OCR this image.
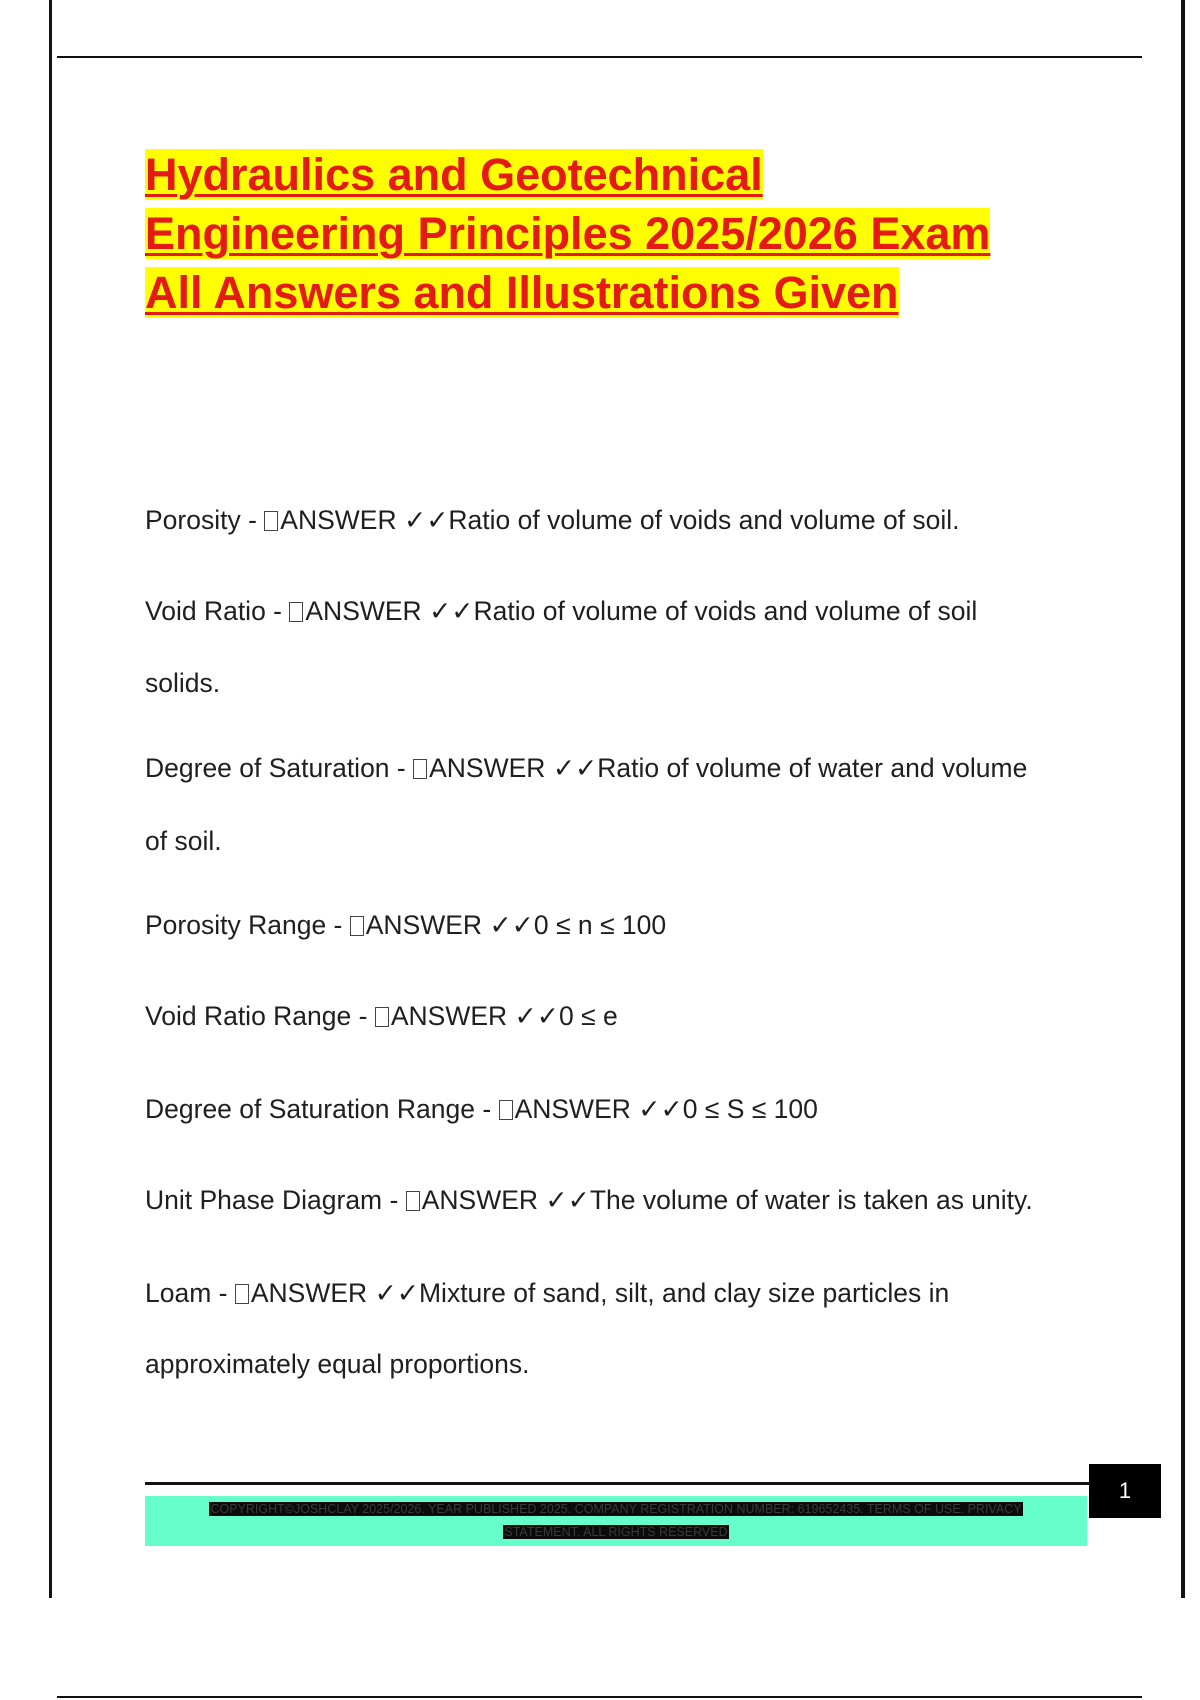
Hydraulics and Geotechnical
Engineering Principles 2025/2026 Exam
All Answers and Illustrations Given

Porosity - ANSWER ✓✓Ratio of volume of voids and volume of soil.

Void Ratio - ANSWER ✓✓Ratio of volume of voids and volume of soil

solids.

Degree of Saturation - ANSWER ✓✓Ratio of volume of water and volume

of soil.

Porosity Range - ANSWER ✓✓0 ≤ n ≤ 100

Void Ratio Range - ANSWER ✓✓0 ≤ e

Degree of Saturation Range - ANSWER ✓✓0 ≤ S ≤ 100

Unit Phase Diagram - ANSWER ✓✓The volume of water is taken as unity.

Loam - ANSWER ✓✓Mixture of sand, silt, and clay size particles in

approximately equal proportions.

1
COPYRIGHT©JOSHCLAY 2025/2026. YEAR PUBLISHED 2025. COMPANY REGISTRATION NUMBER: 619652435. TERMS OF USE. PRIVACY
STATEMENT. ALL RIGHTS RESERVED
